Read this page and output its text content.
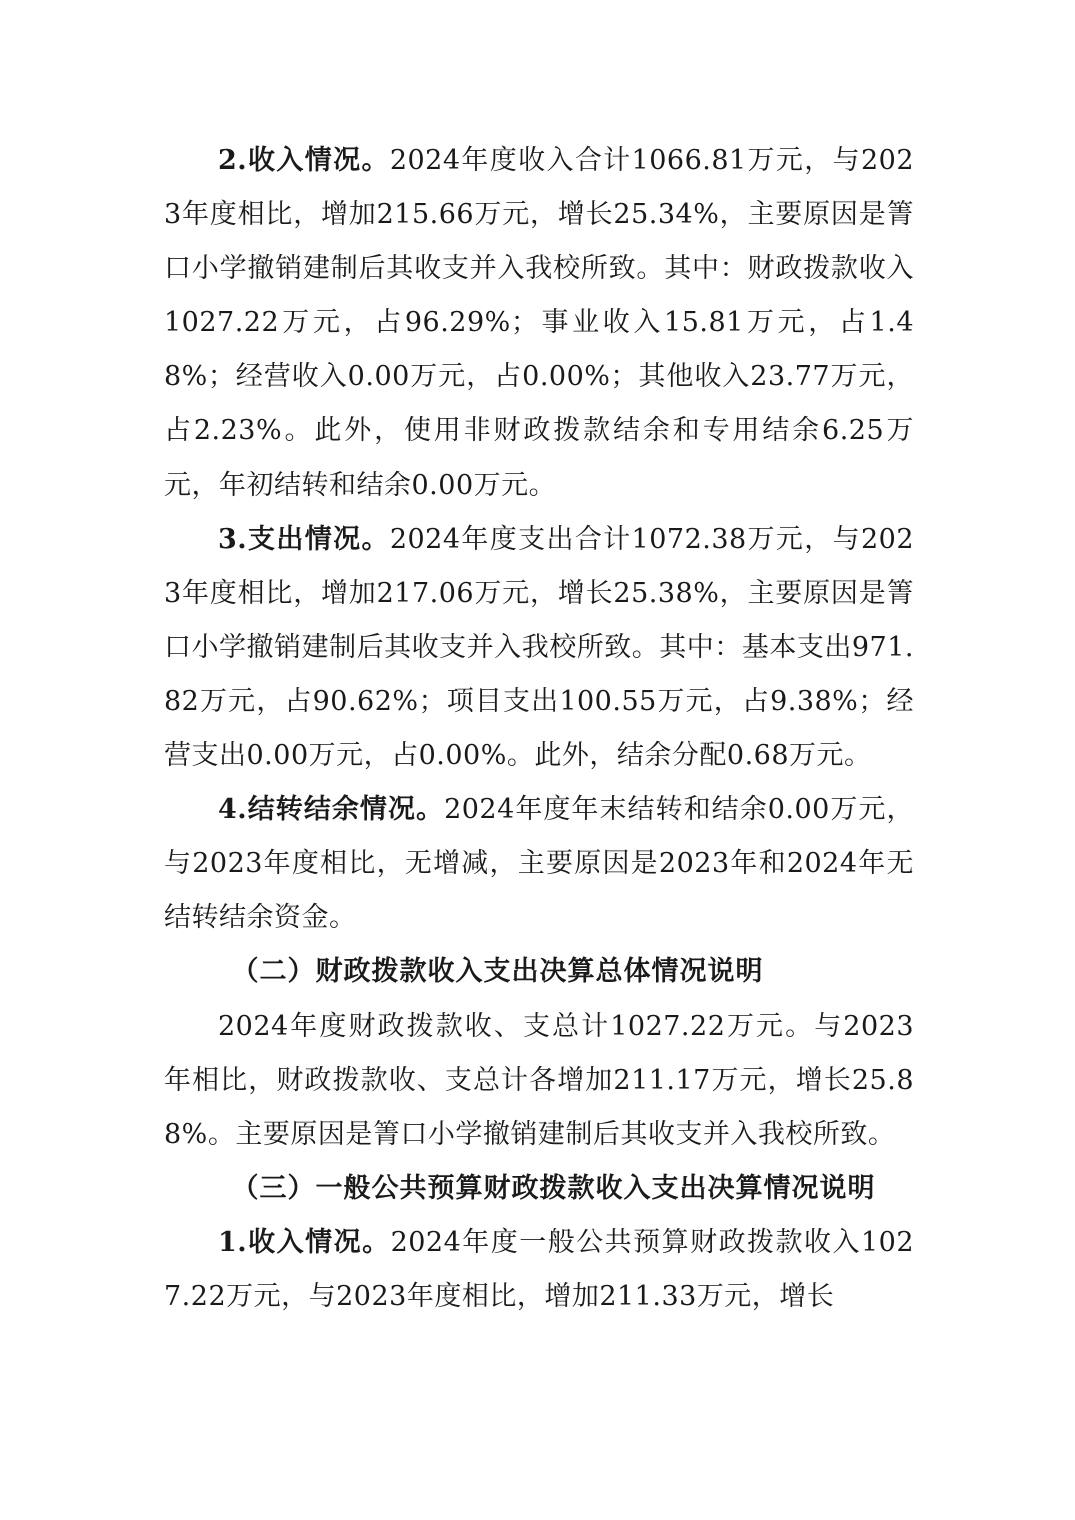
2.收入情况。2024年度收入合计1066.81万元，与2023年度相比，增加215.66万元，增长25.34%，主要原因是箐口小学撤销建制后其收支并入我校所致。其中：财政拨款收入1027.22万元，占96.29%；事业收入15.81万元，占1.48%；经营收入0.00万元，占0.00%；其他收入23.77万元，占2.23%。此外，使用非财政拨款结余和专用结余6.25万元，年初结转和结余0.00万元。

3.支出情况。2024年度支出合计1072.38万元，与2023年度相比，增加217.06万元，增长25.38%，主要原因是箐口小学撤销建制后其收支并入我校所致。其中：基本支出971.82万元，占90.62%；项目支出100.55万元，占9.38%；经营支出0.00万元，占0.00%。此外，结余分配0.68万元。

4.结转结余情况。2024年度年末结转和结余0.00万元，与2023年度相比，无增减，主要原因是2023年和2024年无结转结余资金。

（二）财政拨款收入支出决算总体情况说明

2024年度财政拨款收、支总计1027.22万元。与2023年相比，财政拨款收、支总计各增加211.17万元，增长25.88%。主要原因是箐口小学撤销建制后其收支并入我校所致。

（三）一般公共预算财政拨款收入支出决算情况说明

1.收入情况。2024年度一般公共预算财政拨款收入1027.22万元，与2023年度相比，增加211.33万元，增长
